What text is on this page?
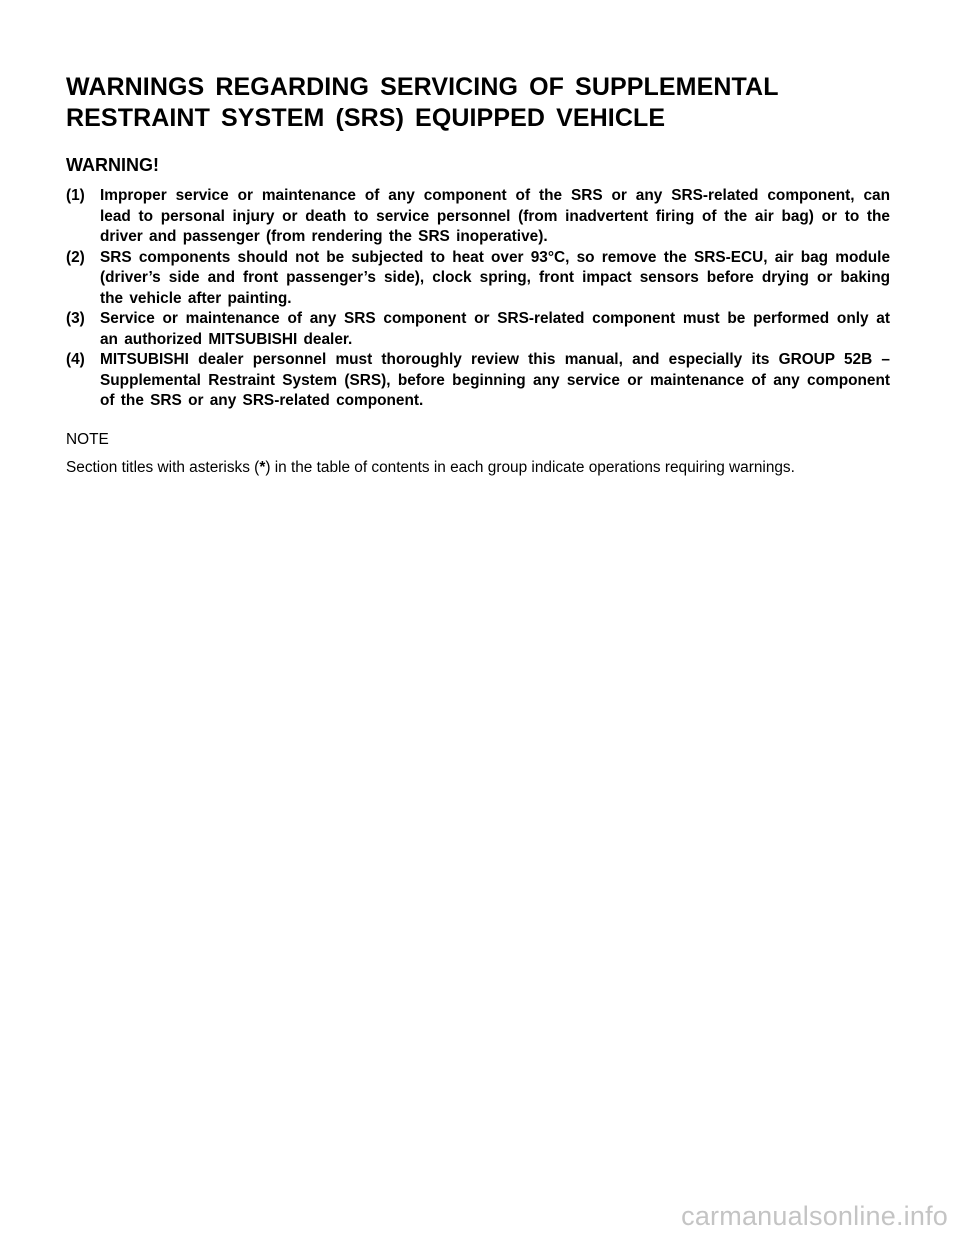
WARNINGS REGARDING SERVICING OF SUPPLEMENTAL
RESTRAINT SYSTEM (SRS) EQUIPPED VEHICLE
WARNING!
(1) Improper service or maintenance of any component of the SRS or any SRS-related component, can lead to personal injury or death to service personnel (from inadvertent firing of the air bag) or to the driver and passenger (from rendering the SRS inoperative).
(2) SRS components should not be subjected to heat over 93°C, so remove the SRS-ECU, air bag module (driver’s side and front passenger’s side), clock spring, front impact sensors before drying or baking the vehicle after painting.
(3) Service or maintenance of any SRS component or SRS-related component must be performed only at an authorized MITSUBISHI dealer.
(4) MITSUBISHI dealer personnel must thoroughly review this manual, and especially its GROUP 52B – Supplemental Restraint System (SRS), before beginning any service or maintenance of any component of the SRS or any SRS-related component.
NOTE

Section titles with asterisks (*) in the table of contents in each group indicate operations requiring warnings.

carmanualsonline.info
